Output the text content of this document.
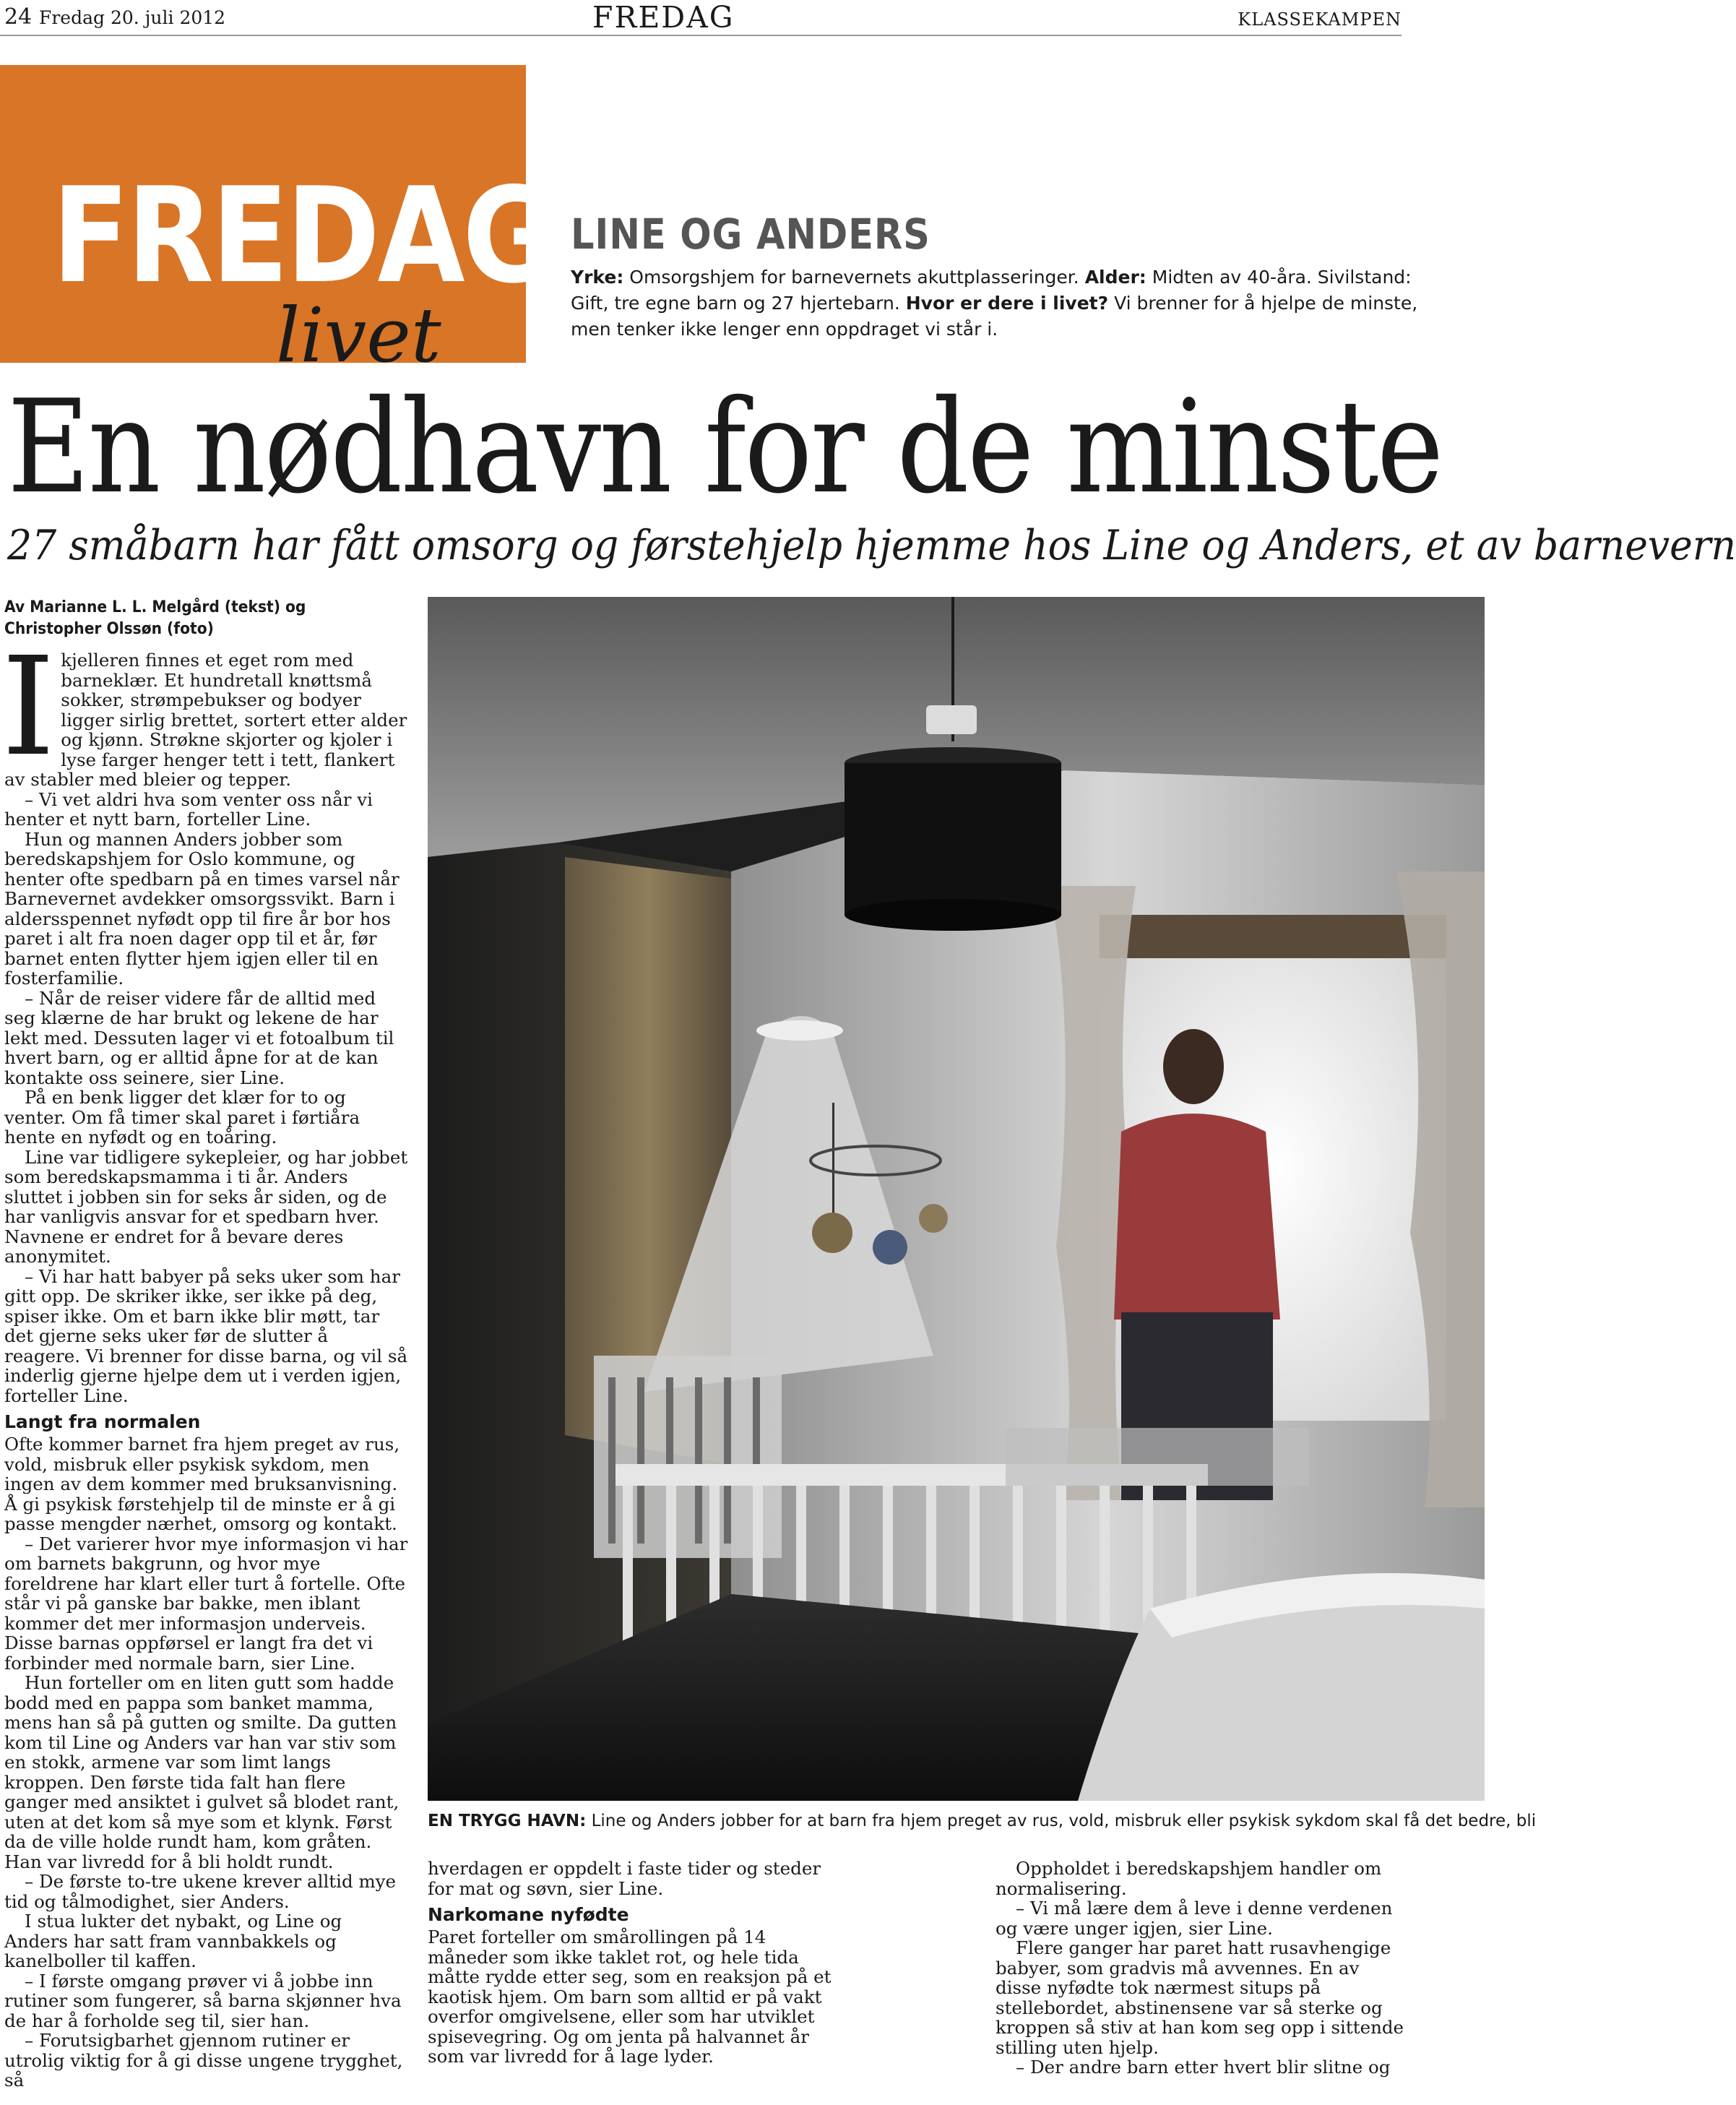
24 Fredag 20. juli 2012	FREDAG	KLASSEKAMPEN
FREDAG
livet
LINE OG ANDERS
Yrke: Omsorgshjem for barnevernets akuttplasseringer. Alder: Midten av 40-åra. Sivilstand: Gift, tre egne barn og 27 hjertebarn. Hvor er dere i livet? Vi brenner for å hjelpe de minste, men tenker ikke lenger enn oppdraget vi står i.
En nødhavn for de minste
27 småbarn har fått omsorg og førstehjelp hjemme hos Line og Anders, et av barnevern
Av Marianne L. L. Melgård (tekst) og
Christopher Olssøn (foto)

Ikjelleren finnes et eget rom med barneklær. Et hundretall knøttsmå sokker, strømpebukser og bodyer ligger sirlig brettet, sortert etter alder og kjønn. Strøkne skjorter og kjoler i lyse farger henger tett i tett, flankert av stabler med bleier og tepper.

– Vi vet aldri hva som venter oss når vi henter et nytt barn, forteller Line.

Hun og mannen Anders jobber som beredskapshjem for Oslo kommune, og henter ofte spedbarn på en times varsel når Barnevernet avdekker omsorgssvikt. Barn i aldersspennet nyfødt opp til fire år bor hos paret i alt fra noen dager opp til et år, før barnet enten flytter hjem igjen eller til en fosterfamilie.

– Når de reiser videre får de alltid med seg klærne de har brukt og lekene de har lekt med. Dessuten lager vi et fotoalbum til hvert barn, og er alltid åpne for at de kan kontakte oss seinere, sier Line.

På en benk ligger det klær for to og venter. Om få timer skal paret i førtiåra hente en nyfødt og en toåring.

Line var tidligere sykepleier, og har jobbet som beredskapsmamma i ti år. Anders sluttet i jobben sin for seks år siden, og de har vanligvis ansvar for et spedbarn hver. Navnene er endret for å bevare deres anonymitet.

– Vi har hatt babyer på seks uker som har gitt opp. De skriker ikke, ser ikke på deg, spiser ikke. Om et barn ikke blir møtt, tar det gjerne seks uker før de slutter å reagere. Vi brenner for disse barna, og vil så inderlig gjerne hjelpe dem ut i verden igjen, forteller Line.

Langt fra normalen

Ofte kommer barnet fra hjem preget av rus, vold, misbruk eller psykisk sykdom, men ingen av dem kommer med bruksanvisning. Å gi psykisk førstehjelp til de minste er å gi passe mengder nærhet, omsorg og kontakt.

– Det varierer hvor mye informasjon vi har om barnets bakgrunn, og hvor mye foreldrene har klart eller turt å fortelle. Ofte står vi på ganske bar bakke, men iblant kommer det mer informasjon underveis. Disse barnas oppførsel er langt fra det vi forbinder med normale barn, sier Line.

Hun forteller om en liten gutt som hadde bodd med en pappa som banket mamma, mens han så på gutten og smilte. Da gutten kom til Line og Anders var han var stiv som en stokk, armene var som limt langs kroppen. Den første tida falt han flere ganger med ansiktet i gulvet så blodet rant, uten at det kom så mye som et klynk. Først da de ville holde rundt ham, kom gråten. Han var livredd for å bli holdt rundt.

– De første to-tre ukene krever alltid mye tid og tålmodighet, sier Anders.

I stua lukter det nybakt, og Line og Anders har satt fram vannbakkels og kanelboller til kaffen.

– I første omgang prøver vi å jobbe inn rutiner som fungerer, så barna skjønner hva de har å forholde seg til, sier han.

– Forutsigbarhet gjennom rutiner er utrolig viktig for å gi disse ungene trygghet, så

EN TRYGG HAVN: Line og Anders jobber for at barn fra hjem preget av rus, vold, misbruk eller psykisk sykdom skal få det bedre, bli

hverdagen er oppdelt i faste tider og steder for mat og søvn, sier Line.

Narkomane nyfødte

Paret forteller om smårollingen på 14 måneder som ikke taklet rot, og hele tida måtte rydde etter seg, som en reaksjon på et kaotisk hjem. Om barn som alltid er på vakt overfor omgivelsene, eller som har utviklet spisevegring. Og om jenta på halvannet år som var livredd for å lage lyder.

Oppholdet i beredskapshjem handler om normalisering.

– Vi må lære dem å leve i denne verdenen og være unger igjen, sier Line.

Flere ganger har paret hatt rusavhengige babyer, som gradvis må avvennes. En av disse nyfødte tok nærmest situps på stellebordet, abstinensene var så sterke og kroppen så stiv at han kom seg opp i sittende stilling uten hjelp.

– Der andre barn etter hvert blir slitne og
